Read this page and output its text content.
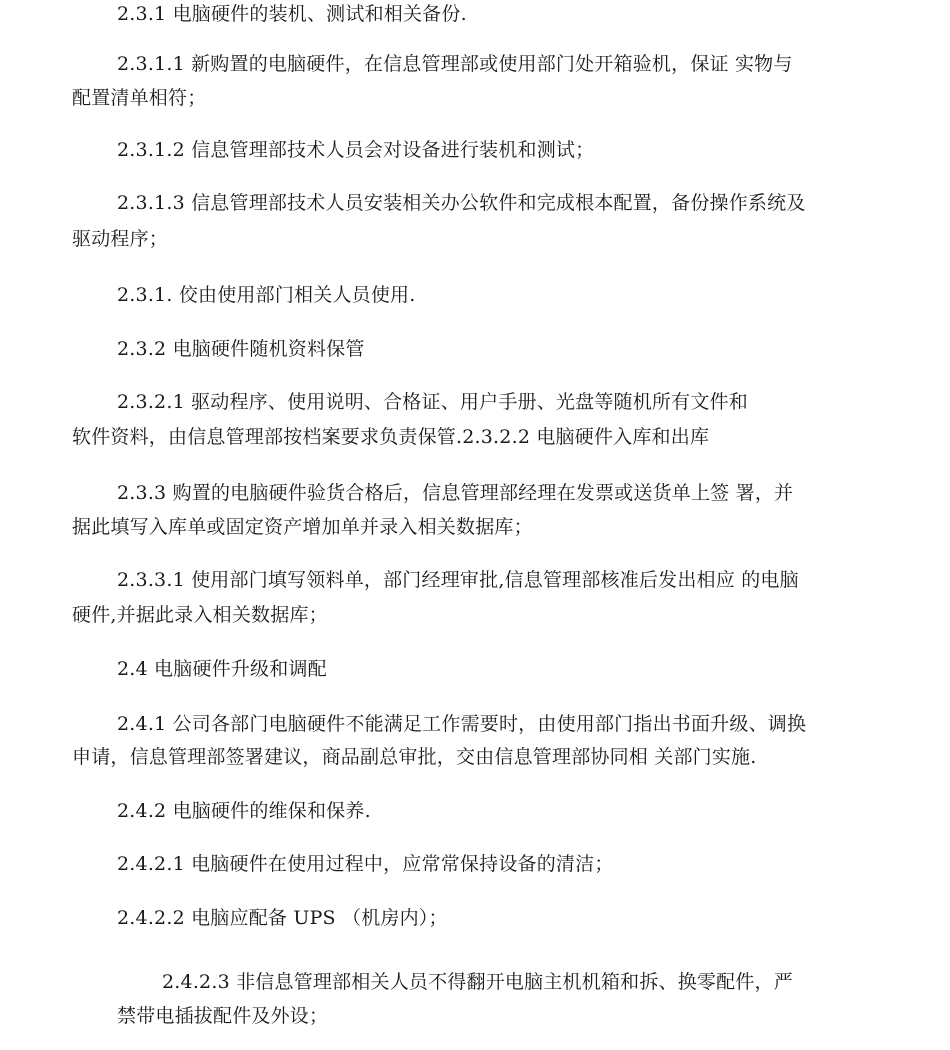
2.3.1 电脑硬件的装机、测试和相关备份.
2.3.1.1 新购置的电脑硬件，在信息管理部或使用部门处开箱验机，保证 实物与
配置清单相符；
2.3.1.2 信息管理部技术人员会对设备进行装机和测试；
2.3.1.3 信息管理部技术人员安装相关办公软件和完成根本配置，备份操作系统及
驱动程序；
2.3.1. 佼由使用部门相关人员使用.
2.3.2 电脑硬件随机资料保管
2.3.2.1 驱动程序、使用说明、合格证、用户手册、光盘等随机所有文件和
软件资料，由信息管理部按档案要求负责保管.2.3.2.2 电脑硬件入库和出库
2.3.3 购置的电脑硬件验货合格后，信息管理部经理在发票或送货单上签 署，并
据此填写入库单或固定资产增加单并录入相关数据库；
2.3.3.1 使用部门填写领料单，部门经理审批,信息管理部核准后发出相应 的电脑
硬件,并据此录入相关数据库；
2.4 电脑硬件升级和调配
2.4.1 公司各部门电脑硬件不能满足工作需要时，由使用部门指出书面升级、调换
申请，信息管理部签署建议，商品副总审批，交由信息管理部协同相 关部门实施.
2.4.2 电脑硬件的维保和保养.
2.4.2.1 电脑硬件在使用过程中，应常常保持设备的清洁；
2.4.2.2 电脑应配备 UPS （机房内）；
2.4.2.3 非信息管理部相关人员不得翻开电脑主机机箱和拆、换零配件，严
禁带电插拔配件及外设；
